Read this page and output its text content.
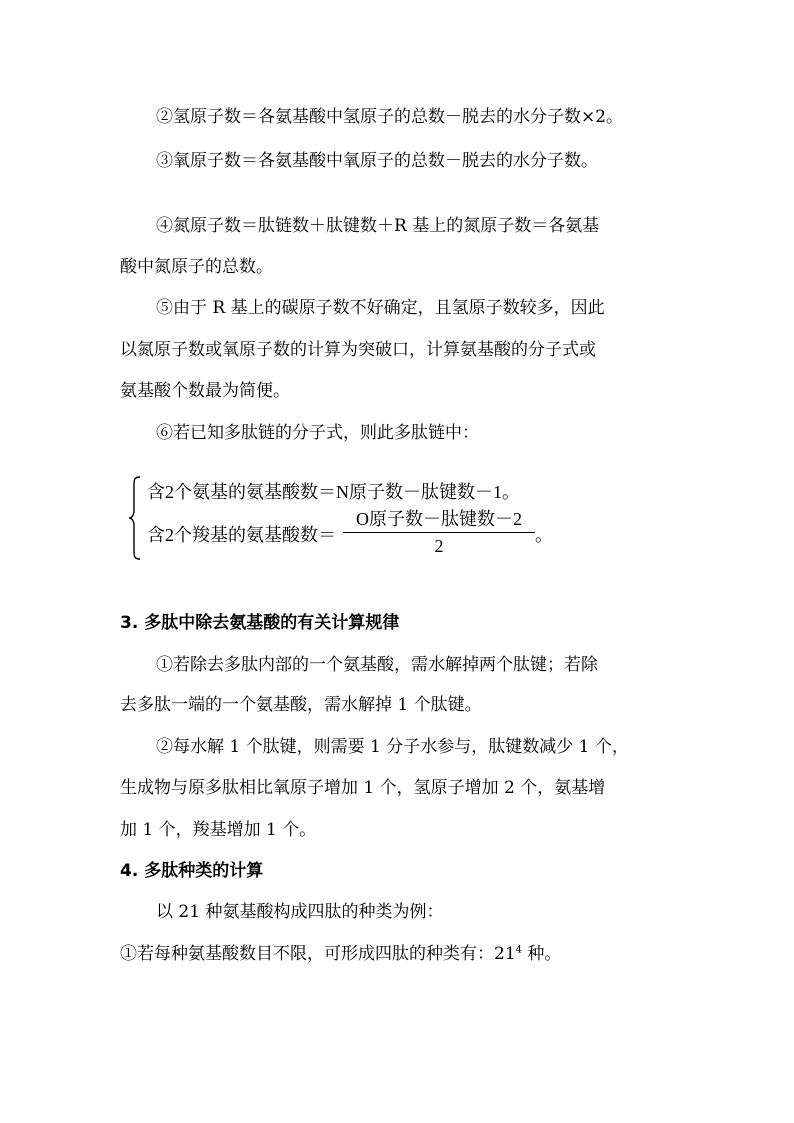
②氢原子数＝各氨基酸中氢原子的总数－脱去的水分子数×2。
③氧原子数＝各氨基酸中氧原子的总数－脱去的水分子数。
④氮原子数＝肽链数＋肽键数＋R 基上的氮原子数＝各氨基
酸中氮原子的总数。
⑤由于 R 基上的碳原子数不好确定，且氢原子数较多，因此
以氮原子数或氧原子数的计算为突破口，计算氨基酸的分子式或
氨基酸个数最为简便。
⑥若已知多肽链的分子式，则此多肽链中：
含2个氨基的氨基酸数＝N原子数－肽键数－1。
含2个羧基的氨基酸数＝
O原子数－肽键数－2
2
。
3. 多肽中除去氨基酸的有关计算规律
①若除去多肽内部的一个氨基酸，需水解掉两个肽键；若除
去多肽一端的一个氨基酸，需水解掉 1 个肽键。
②每水解 1 个肽键，则需要 1 分子水参与，肽键数减少 1 个，
生成物与原多肽相比氧原子增加 1 个，氢原子增加 2 个，氨基增
加 1 个，羧基增加 1 个。
4. 多肽种类的计算
以 21 种氨基酸构成四肽的种类为例：
①若每种氨基酸数目不限，可形成四肽的种类有：$21^4$ 种。
